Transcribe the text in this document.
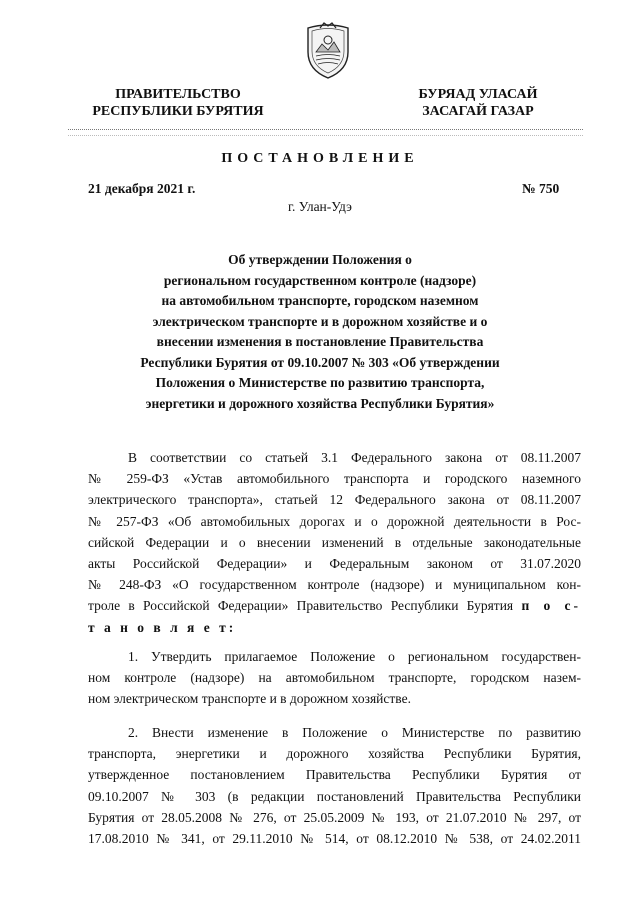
ПРАВИТЕЛЬСТВО
РЕСПУБЛИКИ БУРЯТИЯ
БУРЯАД УЛАСАЙ
ЗАСАГАЙ ГАЗАР
ПОСТАНОВЛЕНИЕ
21 декабря 2021 г.	№ 750
г. Улан-Удэ
Об утверждении Положения о
региональном государственном контроле (надзоре)
на автомобильном транспорте, городском наземном
электрическом транспорте и в дорожном хозяйстве и о
внесении изменения в постановление Правительства
Республики Бурятия от 09.10.2007 № 303 «Об утверждении
Положения о Министерстве по развитию транспорта,
энергетики и дорожного хозяйства Республики Бурятия»
В соответствии со статьей 3.1 Федерального закона от 08.11.2007
№ 259-ФЗ «Устав автомобильного транспорта и городского наземного
электрического транспорта», статьей 12 Федерального закона от 08.11.2007
№ 257-ФЗ «Об автомобильных дорогах и о дорожной деятельности в Рос-
сийской Федерации и о внесении изменений в отдельные законодательные
акты Российской Федерации» и Федеральным законом от 31.07.2020
№ 248-ФЗ «О государственном контроле (надзоре) и муниципальном кон-
троле в Российской Федерации» Правительство Республики Бурятия п о с-
т а н о в л я е т:
1. Утвердить прилагаемое Положение о региональном государствен-
ном контроле (надзоре) на автомобильном транспорте, городском назем-
ном электрическом транспорте и в дорожном хозяйстве.
2. Внести изменение в Положение о Министерстве по развитию
транспорта, энергетики и дорожного хозяйства Республики Бурятия,
утвержденное постановлением Правительства Республики Бурятия от
09.10.2007 № 303 (в редакции постановлений Правительства Республики
Бурятия от 28.05.2008 № 276, от 25.05.2009 № 193, от 21.07.2010 № 297, от
17.08.2010 № 341, от 29.11.2010 № 514, от 08.12.2010 № 538, от 24.02.2011
